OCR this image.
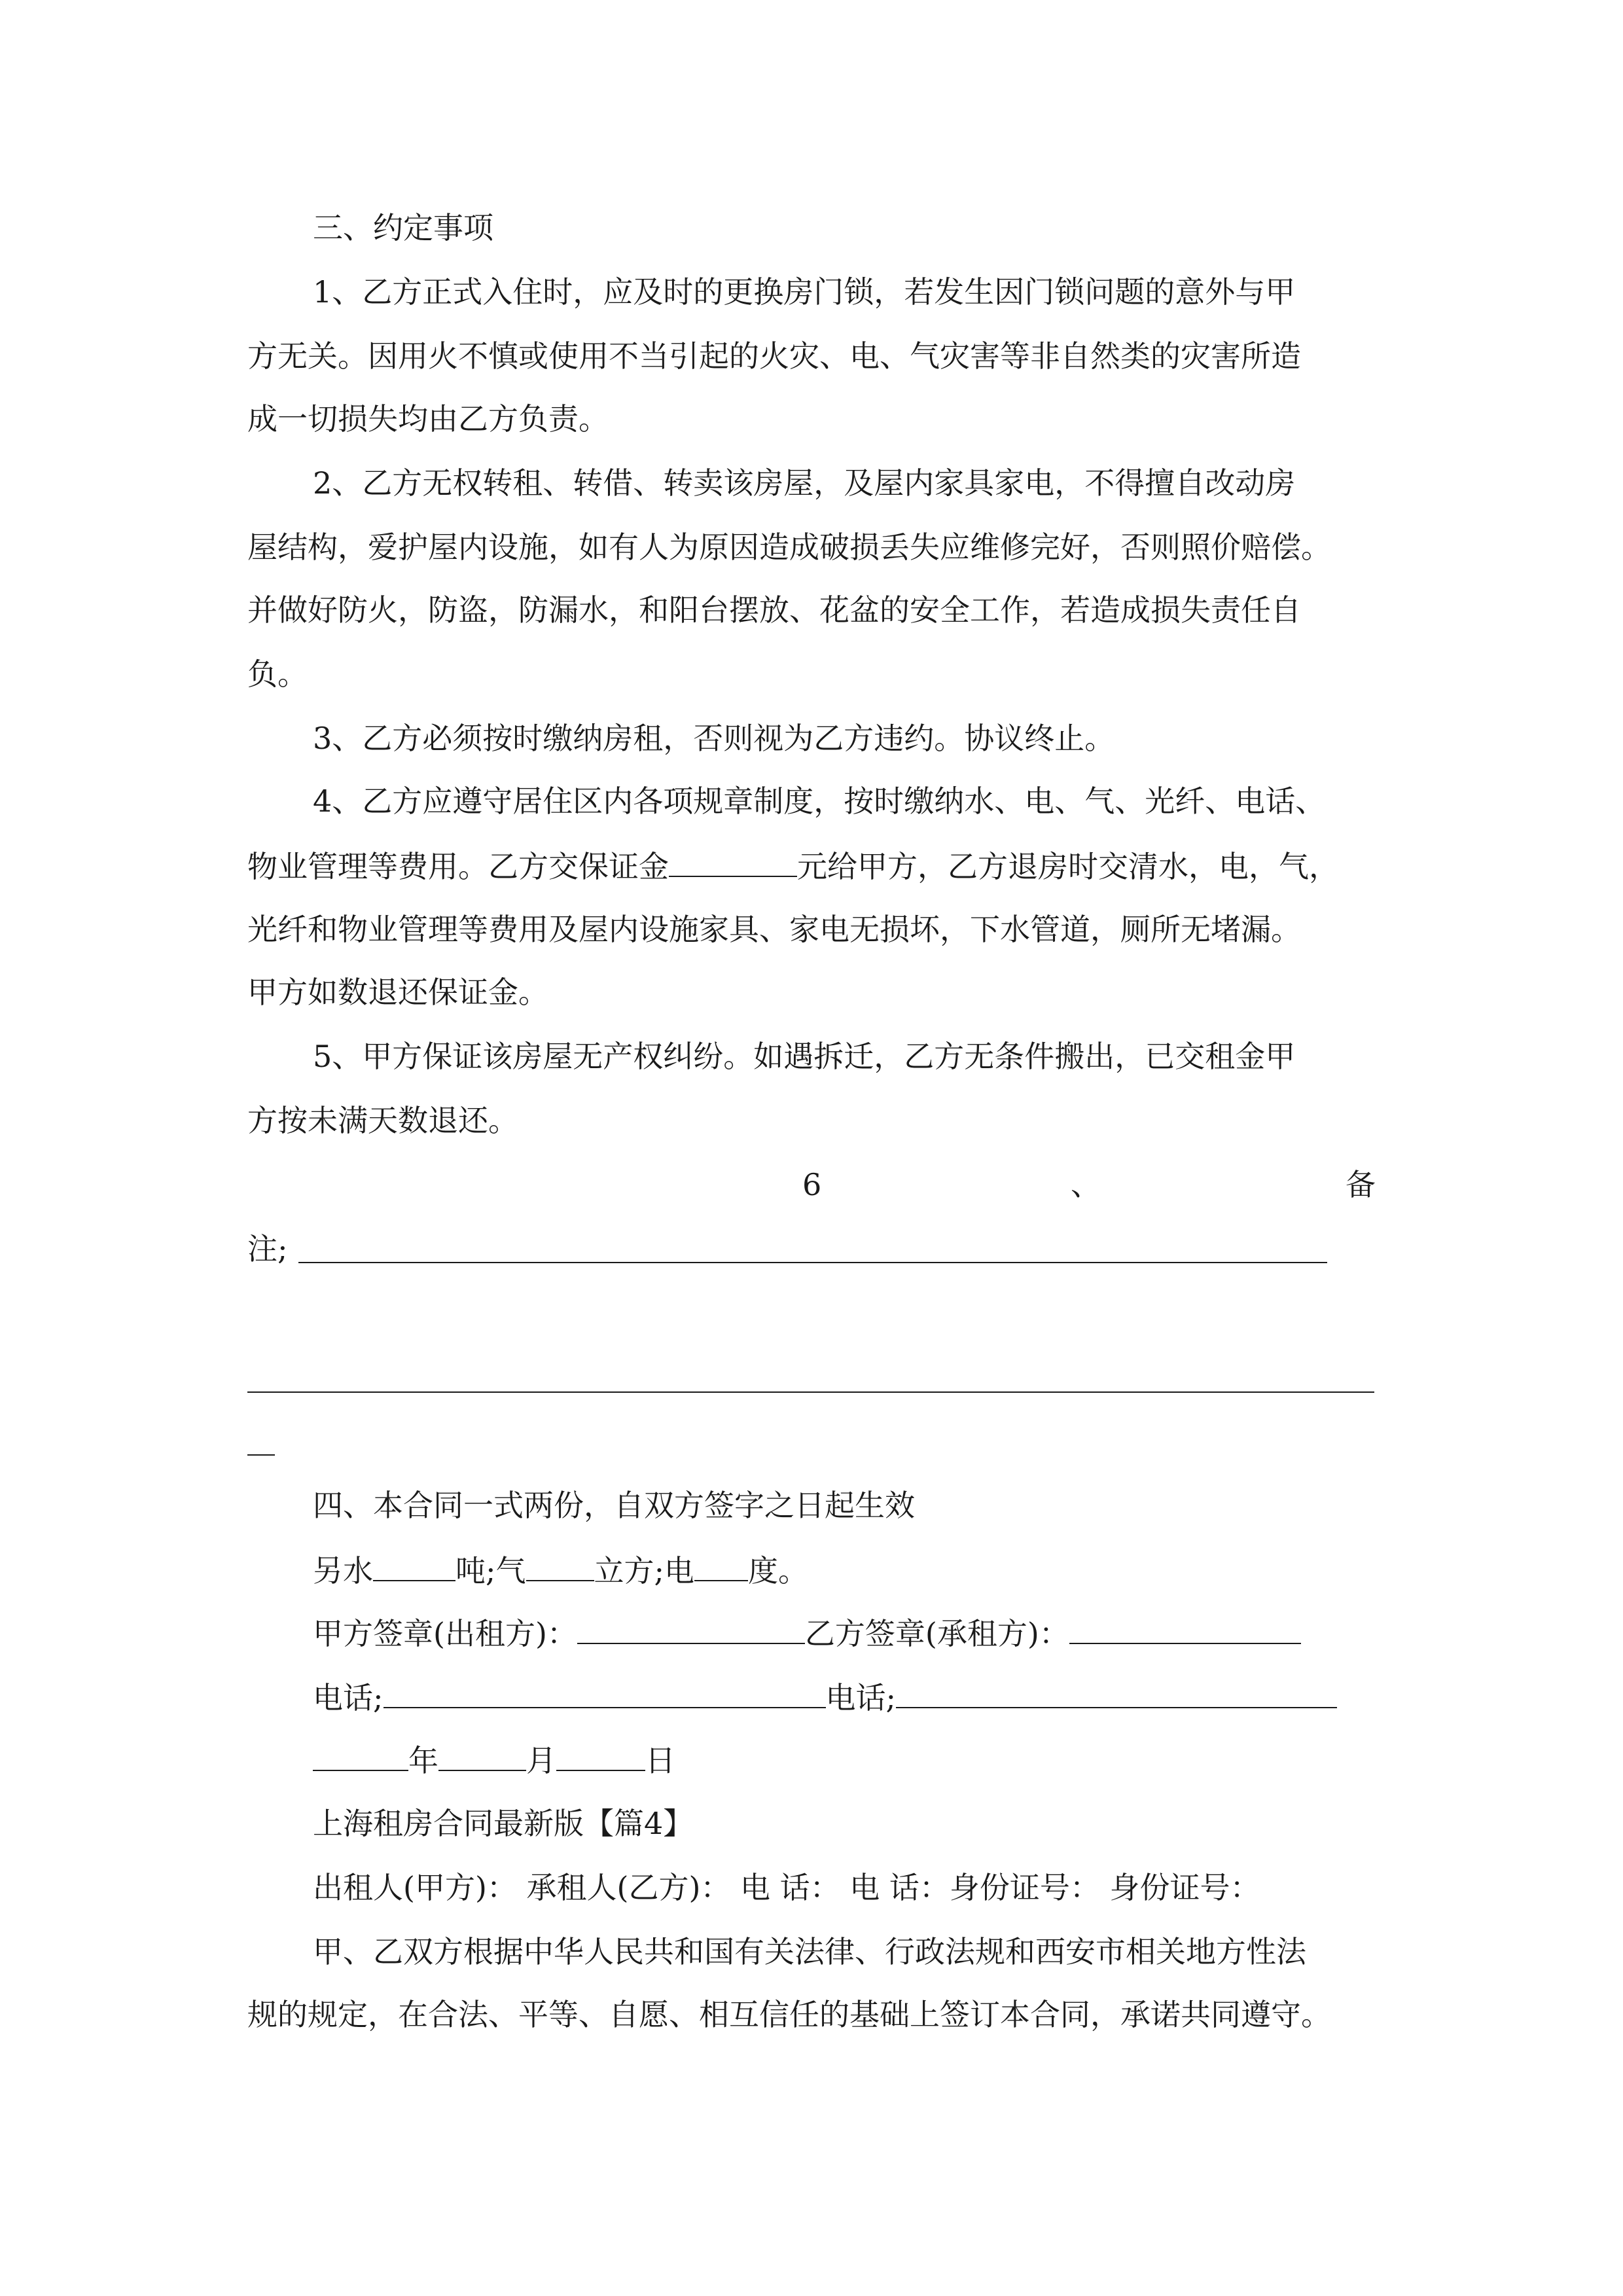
三、约定事项
1、乙方正式入住时，应及时的更换房门锁，若发生因门锁问题的意外与甲
方无关。因用火不慎或使用不当引起的火灾、电、气灾害等非自然类的灾害所造
成一切损失均由乙方负责。
2、乙方无权转租、转借、转卖该房屋，及屋内家具家电，不得擅自改动房
屋结构，爱护屋内设施，如有人为原因造成破损丢失应维修完好，否则照价赔偿。
并做好防火，防盗，防漏水，和阳台摆放、花盆的安全工作，若造成损失责任自
负。
3、乙方必须按时缴纳房租，否则视为乙方违约。协议终止。
4、乙方应遵守居住区内各项规章制度，按时缴纳水、电、气、光纤、电话、
物业管理等费用。乙方交保证金	元给甲方，乙方退房时交清水，电，气，
光纤和物业管理等费用及屋内设施家具、家电无损坏，下水管道，厕所无堵漏。
甲方如数退还保证金。
5、甲方保证该房屋无产权纠纷。如遇拆迁，乙方无条件搬出，已交租金甲
方按未满天数退还。
6	、	备
注;
四、本合同一式两份，自双方签字之日起生效
另水	吨;气 立方;电 度。
甲方签章(出租方)：	乙方签章(承租方)：
电话;	电话;
年	月	日
上海租房合同最新版【篇4】
出租人(甲方)： 承租人(乙方)： 电 话： 电 话：身份证号： 身份证号：
甲、乙双方根据中华人民共和国有关法律、行政法规和西安市相关地方性法
规的规定，在合法、平等、自愿、相互信任的基础上签订本合同，承诺共同遵守。
